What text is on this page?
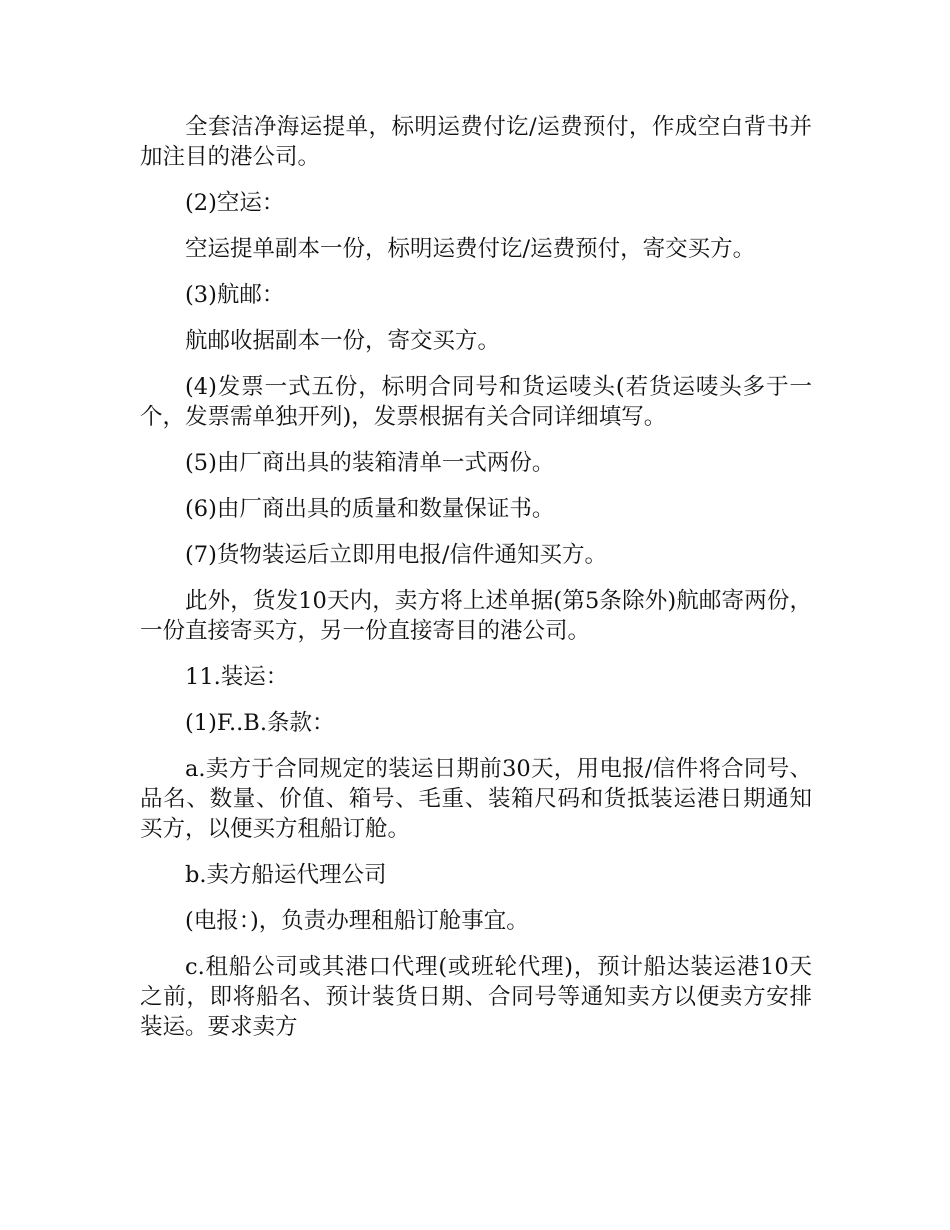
全套洁净海运提单，标明运费付讫/运费预付，作成空白背书并加注目的港公司。

(2)空运：

空运提单副本一份，标明运费付讫/运费预付，寄交买方。

(3)航邮：

航邮收据副本一份，寄交买方。

(4)发票一式五份，标明合同号和货运唛头(若货运唛头多于一个，发票需单独开列)，发票根据有关合同详细填写。

(5)由厂商出具的装箱清单一式两份。

(6)由厂商出具的质量和数量保证书。

(7)货物装运后立即用电报/信件通知买方。

此外，货发10天内，卖方将上述单据(第5条除外)航邮寄两份，一份直接寄买方，另一份直接寄目的港公司。

11.装运：

(1)F..B.条款：

a.卖方于合同规定的装运日期前30天，用电报/信件将合同号、品名、数量、价值、箱号、毛重、装箱尺码和货抵装运港日期通知买方，以便买方租船订舱。

b.卖方船运代理公司

(电报：)，负责办理租船订舱事宜。

c.租船公司或其港口代理(或班轮代理)，预计船达装运港10天之前，即将船名、预计装货日期、合同号等通知卖方以便卖方安排装运。要求卖方
